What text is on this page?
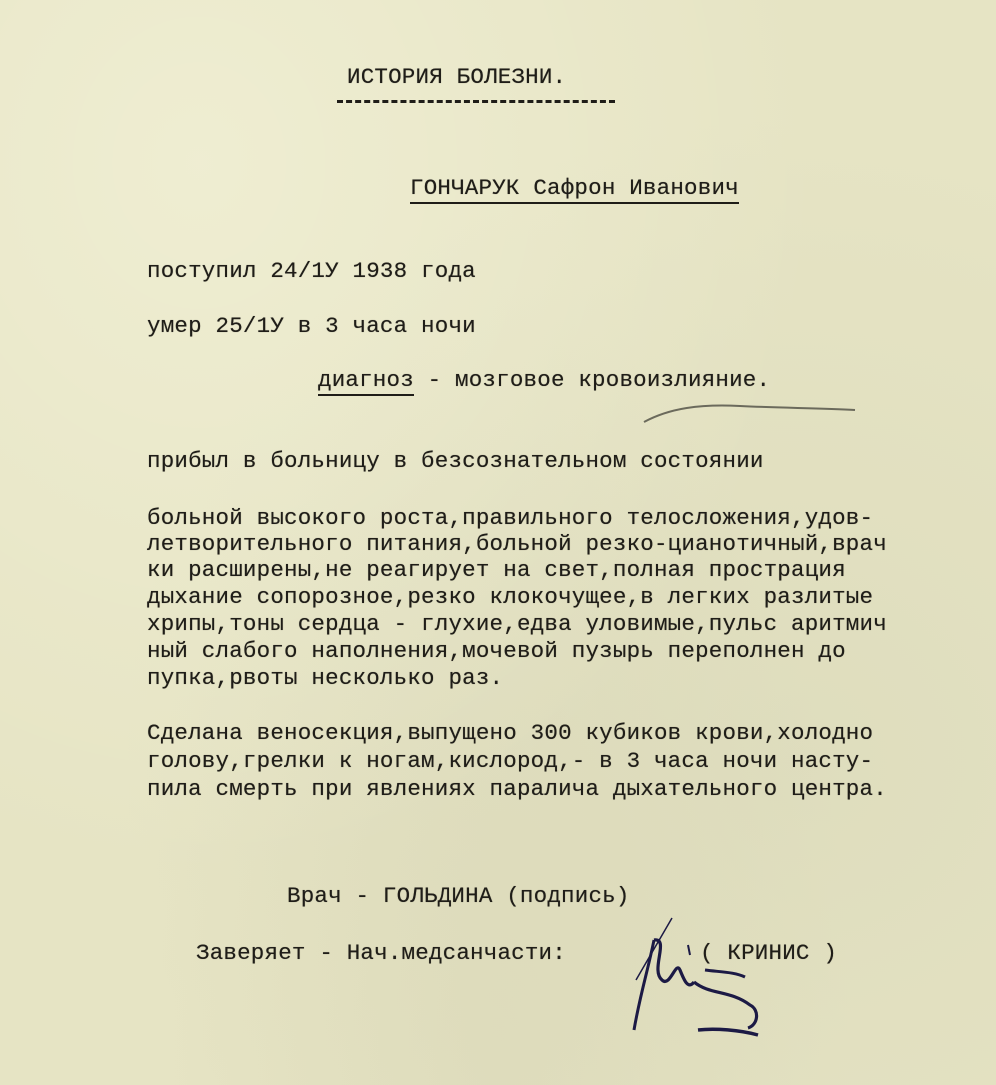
ИСТОРИЯ БОЛЕЗНИ.
ГОНЧАРУК Сафрон Иванович
поступил 24/1У 1938 года
умер 25/1У в 3 часа ночи
диагноз - мозговое кровоизлияние.
прибыл в больницу в безсознательном состоянии
больной высокого роста,правильного телосложения,удов-
летворительного питания,больной резко-цианотичный,врач
ки расширены,не реагирует на свет,полная прострация
дыхание сопорозное,резко клокочущее,в легких разлитые
хрипы,тоны сердца - глухие,едва уловимые,пульс аритмич
ный слабого наполнения,мочевой пузырь переполнен до
пупка,рвоты несколько раз.
Сделана веносекция,выпущено 300 кубиков крови,холодно
голову,грелки к ногам,кислород,- в 3 часа ночи насту-
пила смерть при явлениях паралича дыхательного центра.
Врач - ГОЛЬДИНА (подпись)
Заверяет - Нач.медсанчасти:	( КРИНИС )
